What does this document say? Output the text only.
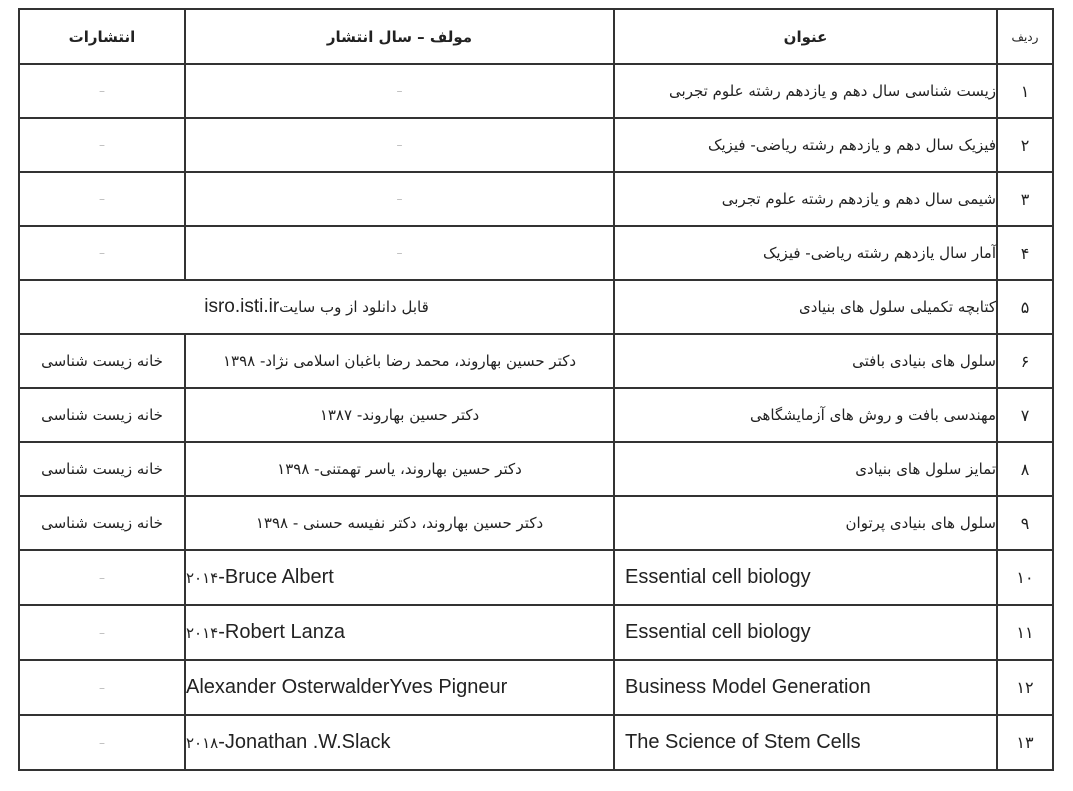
ردیف	عنوان	مولف – سال انتشار	انتشارات
۱	زیست شناسی سال دهم و یازدهم رشته علوم تجربی	–	–
۲	فیزیک سال دهم و یازدهم رشته ریاضی- فیزیک	–	–
۳	شیمی سال دهم و یازدهم رشته علوم تجربی	–	–
۴	آمار سال یازدهم رشته ریاضی- فیزیک	–	–
۵	کتابچه تکمیلی سلول های بنیادی	قابل دانلود از وب سایتisro.isti.ir	
۶	سلول های بنیادی بافتی	دکتر حسین بهاروند، محمد رضا باغبان اسلامی نژاد- ۱۳۹۸	خانه زیست شناسی
۷	مهندسی بافت و روش های آزمایشگاهی	دکتر حسین بهاروند- ۱۳۸۷	خانه زیست شناسی
۸	تمایز سلول های بنیادی	دکتر حسین بهاروند، یاسر تهمتنی- ۱۳۹۸	خانه زیست شناسی
۹	سلول های بنیادی پرتوان	دکتر حسین بهاروند، دکتر نفیسه حسنی - ۱۳۹۸	خانه زیست شناسی
۱۰	Essential cell biology	۲۰۱۴-Bruce Albert	–
۱۱	Essential cell biology	۲۰۱۴-Robert Lanza	–
۱۲	Business Model Generation	Alexander OsterwalderYves Pigneur	–
۱۳	The Science of Stem Cells	۲۰۱۸-Jonathan .W.Slack	–
